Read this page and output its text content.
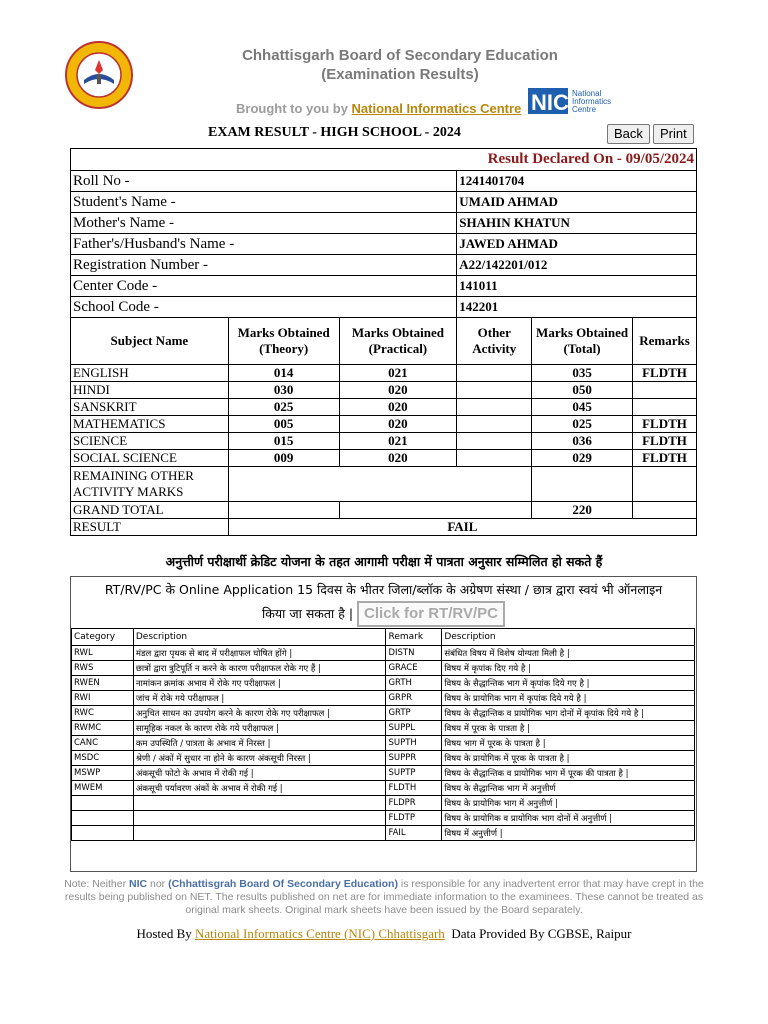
Chhattisgarh Board of Secondary Education
(Examination Results)
Brought to you by National Informatics Centre NIC National
Informatics
Centre
EXAM RESULT - HIGH SCHOOL - 2024	Back	Print
Result Declared On - 09/05/2024					
Roll No -			1241401704		
Student's Name -			UMAID AHMAD		
Mother's Name -			SHAHIN KHATUN		
Father's/Husband's Name -			JAWED AHMAD		
Registration Number -			A22/142201/012		
Center Code -			141011		
School Code -			142201		
Subject Name	Marks Obtained (Theory)	Marks Obtained (Practical)	Other Activity	Marks Obtained (Total)	Remarks
ENGLISH	014	021		035	FLDTH
HINDI	030	020		050	
SANSKRIT	025	020		045	
MATHEMATICS	005	020		025	FLDTH
SCIENCE	015	021		036	FLDTH
SOCIAL SCIENCE	009	020		029	FLDTH
REMAINING OTHER ACTIVITY MARKS					
GRAND TOTAL				220	
RESULT	FAIL				
अनुत्तीर्ण परीक्षार्थी क्रेडिट योजना के तहत आगामी परीक्षा में पात्रता अनुसार सम्मिलित हो सकते हैं
RT/RV/PC के Online Application 15 दिवस के भीतर जिला/ब्लॉक के अग्रेषण संस्था / छात्र द्वारा स्वयं भी ऑनलाइन
किया जा सकता है | Click for RT/RV/PC
Category	Description	Remark	Description
RWL	मंडल द्वारा पृथक से बाद में परीक्षाफल घोषित होंगे |	DISTN	संबंधित विषय में विशेष योग्यता मिली है |
RWS	छात्रों द्वारा त्रुटिपूर्ति न करने के कारण परीक्षाफल रोके गए हैं |	GRACE	विषय में कृपांक दिए गये है |
RWEN	नामांकन क्रमांक अभाव में रोके गए परीक्षाफल |	GRTH	विषय के सैद्धान्तिक भाग में कृपांक दिये गए है |
RWI	जांच में रोके गये परीक्षाफल |	GRPR	विषय के प्रायोगिक भाग में कृपांक दिये गये है |
RWC	अनुचित साधन का उपयोग करने के कारण रोके गए परीक्षाफल |	GRTP	विषय के सैद्धान्तिक व प्रायोगिक भाग दोनों में कृपांक दिये गये है |
RWMC	सामूहिक नकल के कारण रोके गये परीक्षाफल |	SUPPL	विषय में पूरक के पात्रता है |
CANC	कम उपस्थिति / पात्रता के अभाव में निरस्त |	SUPTH	विषय भाग में पूरक के पात्रता है |
MSDC	श्रेणी / अंकों में सुधार ना होने के कारण अंकसूची निरस्त |	SUPPR	विषय के प्रायोगिक में पूरक के पात्रता है |
MSWP	अंकसूची फोटो के अभाव में रोकी गई |	SUPTP	विषय के सैद्धान्तिक व प्रायोगिक भाग में पूरक की पात्रता है |
MWEM	अंकसूची पर्यावरण अंकों के अभाव में रोकी गई |	FLDTH	विषय के सैद्धान्तिक भाग में अनुत्तीर्ण
		FLDPR	विषय के प्रायोगिक भाग में अनुत्तीर्ण |
		FLDTP	विषय के प्रायोगिक व प्रायोगिक भाग दोनों में अनुत्तीर्ण |
		FAIL	विषय में अनुत्तीर्ण |
Note: Neither NIC nor (Chhattisgrah Board Of Secondary Education) is responsible for any inadvertent error that may have crept in the results being published on NET. The results published on net are for immediate information to the examinees. These cannot be treated as original mark sheets. Original mark sheets have been issued by the Board separately.
Hosted By National Informatics Centre (NIC) Chhattisgarh  Data Provided By CGBSE, Raipur
